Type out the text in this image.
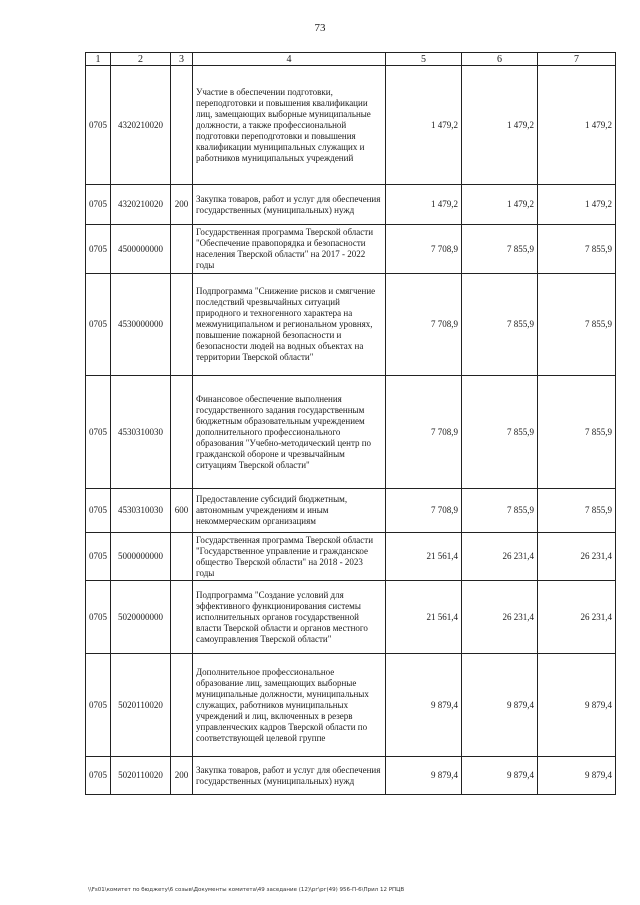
73
1	2	3	4	5	6	7
0705	4320210020		Участие в обеспечении подготовки, переподготовки и повышения квалификации лиц, замещающих выборные муниципальные должности, а также профессиональной подготовки переподготовки и повышения квалификации муниципальных служащих и работников муниципальных учреждений	1 479,2	1 479,2	1 479,2
0705	4320210020	200	Закупка товаров, работ и услуг для обеспечения государственных (муниципальных) нужд	1 479,2	1 479,2	1 479,2
0705	4500000000		Государственная программа Тверской области "Обеспечение правопорядка и безопасности населения Тверской области" на 2017 - 2022 годы	7 708,9	7 855,9	7 855,9
0705	4530000000		Подпрограмма "Снижение рисков и смягчение последствий чрезвычайных ситуаций природного и техногенного характера на межмуниципальном и региональном уровнях, повышение пожарной безопасности и безопасности людей на водных объектах на территории Тверской области"	7 708,9	7 855,9	7 855,9
0705	4530310030		Финансовое обеспечение выполнения государственного задания государственным бюджетным образовательным учреждением дополнительного профессионального образования "Учебно-методический центр по гражданской обороне и чрезвычайным ситуациям Тверской области"	7 708,9	7 855,9	7 855,9
0705	4530310030	600	Предоставление субсидий бюджетным, автономным учреждениям и иным некоммерческим организациям	7 708,9	7 855,9	7 855,9
0705	5000000000		Государственная программа Тверской области "Государственное управление и гражданское общество Тверской области" на 2018 - 2023 годы	21 561,4	26 231,4	26 231,4
0705	5020000000		Подпрограмма "Создание условий для эффективного функционирования системы исполнительных органов государственной власти Тверской области и органов местного самоуправления Тверской области"	21 561,4	26 231,4	26 231,4
0705	5020110020		Дополнительное профессиональное образование лиц, замещающих выборные муниципальные должности, муниципальных служащих, работников муниципальных учреждений и лиц, включенных в резерв управленческих кадров Тверской области по соответствующей целевой группе	9 879,4	9 879,4	9 879,4
0705	5020110020	200	Закупка товаров, работ и услуг для обеспечения государственных (муниципальных) нужд	9 879,4	9 879,4	9 879,4
\\Fs01\комитет по бюджету\6 созыв\Документы комитета\49 заседание (12)\рг\рг(49) 956-П-6\Прил 12 РПЦВ
